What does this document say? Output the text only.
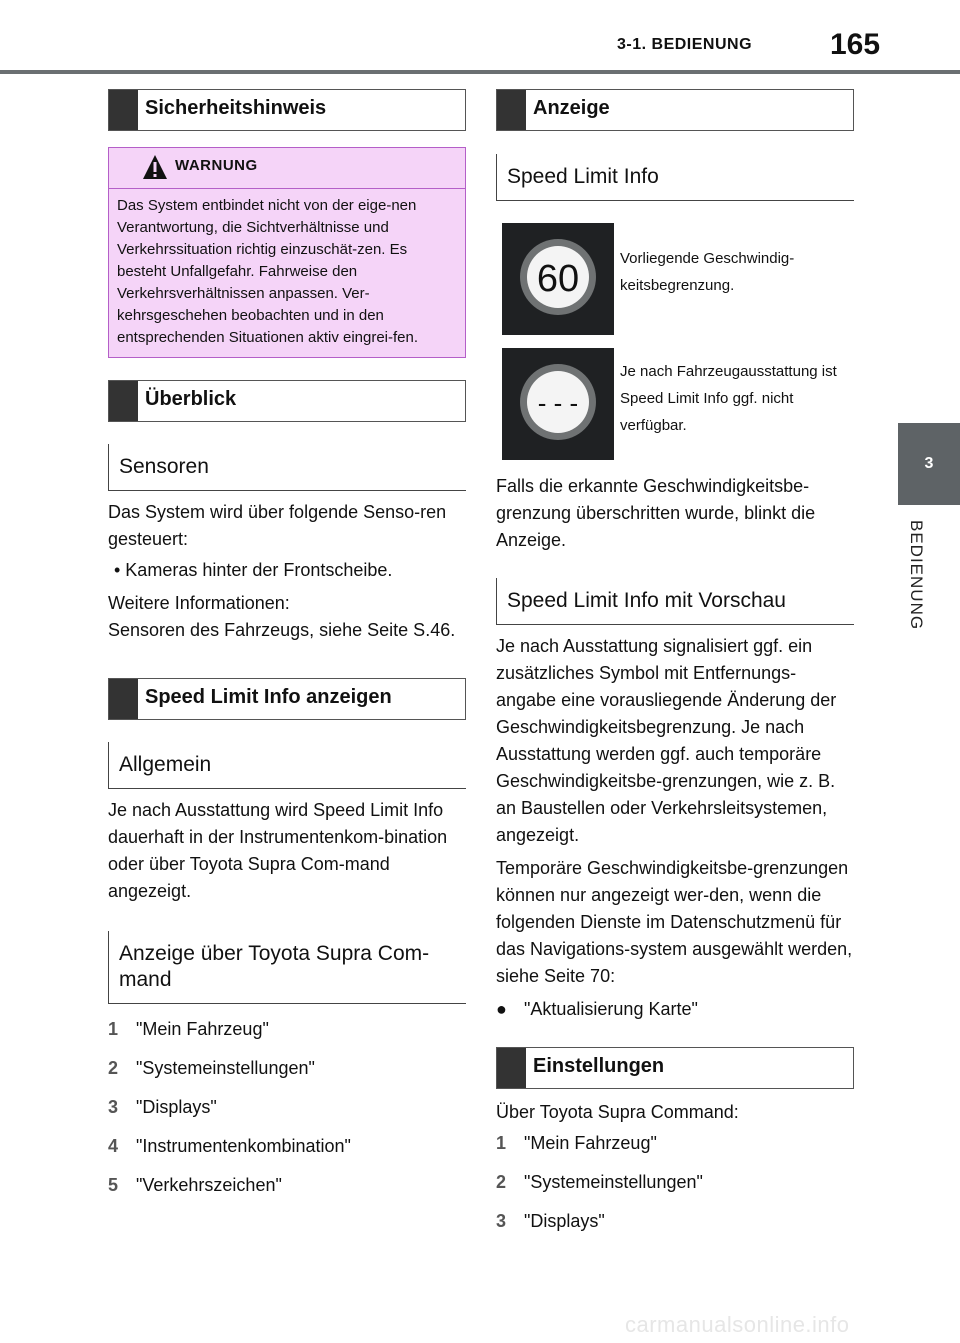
3-1. BEDIENUNG	165
3
BEDIENUNG
Sicherheitshinweis
WARNUNG
Das System entbindet nicht von der eige-nen Verantwortung, die Sichtverhältnisse und Verkehrssituation richtig einzuschät-zen. Es besteht Unfallgefahr. Fahrweise den Verkehrsverhältnissen anpassen. Ver-kehrsgeschehen beobachten und in den entsprechenden Situationen aktiv eingrei-fen.
Überblick
Sensoren

Das System wird über folgende Senso-ren gesteuert:

• Kameras hinter der Frontscheibe.

Weitere Informationen:

Sensoren des Fahrzeugs, siehe Seite S.46.

Speed Limit Info anzeigen
Allgemein

Je nach Ausstattung wird Speed Limit Info dauerhaft in der Instrumentenkom-bination oder über Toyota Supra Com-mand angezeigt.

Anzeige über Toyota Supra Com-mand
1 "Mein Fahrzeug"
2 "Systemeinstellungen"
3 "Displays"
4 "Instrumentenkombination"
5 "Verkehrszeichen"
Anzeige
Speed Limit Info
60	Vorliegende Geschwindig-keitsbegrenzung.
- - -
Je nach Fahrzeugausstattung ist Speed Limit Info ggf. nicht verfügbar.

Falls die erkannte Geschwindigkeitsbe-grenzung überschritten wurde, blinkt die Anzeige.

Speed Limit Info mit Vorschau

Je nach Ausstattung signalisiert ggf. ein zusätzliches Symbol mit Entfernungs-angabe eine vorausliegende Änderung der Geschwindigkeitsbegrenzung. Je nach Ausstattung werden ggf. auch temporäre Geschwindigkeitsbe-grenzungen, wie z. B. an Baustellen oder Verkehrsleitsystemen, angezeigt.

Temporäre Geschwindigkeitsbe-grenzungen können nur angezeigt wer-den, wenn die folgenden Dienste im Datenschutzmenü für das Navigations-system ausgewählt werden, siehe Seite 70:

● "Aktualisierung Karte"

Einstellungen

Über Toyota Supra Command:

1 "Mein Fahrzeug"
2 "Systemeinstellungen"
3 "Displays"
carmanualsonline.info
